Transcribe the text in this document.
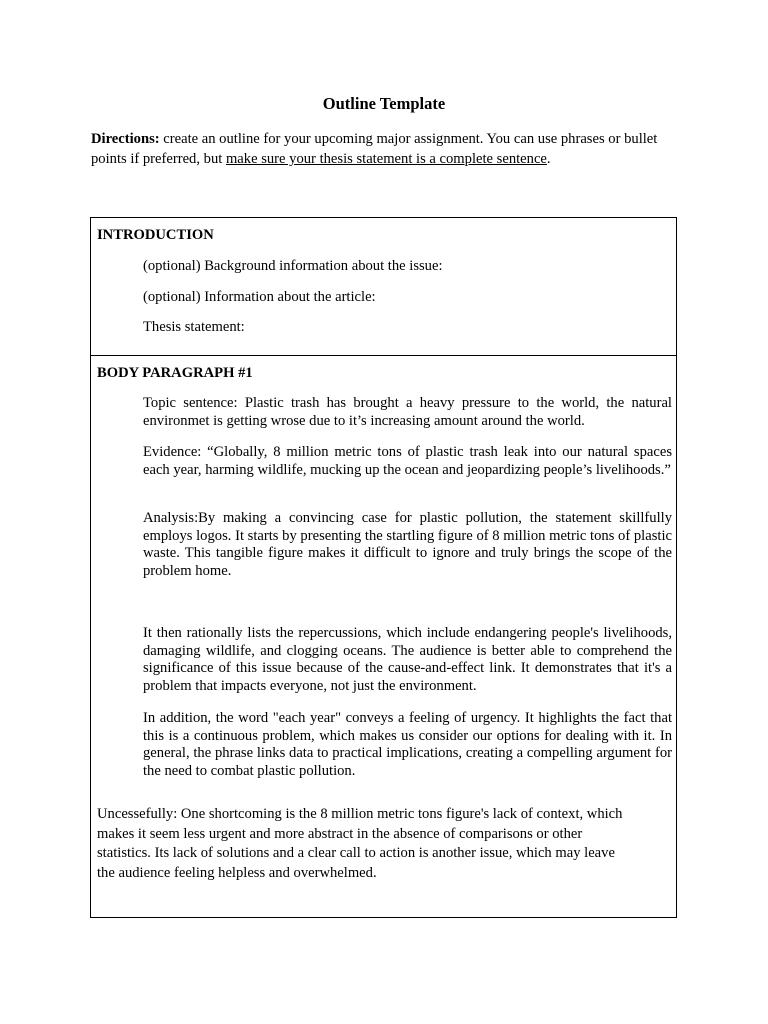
Outline Template
Directions: create an outline for your upcoming major assignment. You can use phrases or bullet points if preferred, but make sure your thesis statement is a complete sentence.
INTRODUCTION
(optional) Background information about the issue:
(optional) Information about the article:
Thesis statement:
BODY PARAGRAPH #1
Topic sentence: Plastic trash has brought a heavy pressure to the world, the natural environmet is getting wrose due to it’s increasing amount around the world.
Evidence: “Globally, 8 million metric tons of plastic trash leak into our natural spaces each year, harming wildlife, mucking up the ocean and jeopardizing people’s livelihoods.”
Analysis:By making a convincing case for plastic pollution, the statement skillfully employs logos. It starts by presenting the startling figure of 8 million metric tons of plastic waste. This tangible figure makes it difficult to ignore and truly brings the scope of the problem home.
It then rationally lists the repercussions, which include endangering people's livelihoods, damaging wildlife, and clogging oceans. The audience is better able to comprehend the significance of this issue because of the cause-and-effect link. It demonstrates that it's a problem that impacts everyone, not just the environment.
In addition, the word "each year" conveys a feeling of urgency. It highlights the fact that this is a continuous problem, which makes us consider our options for dealing with it. In general, the phrase links data to practical implications, creating a compelling argument for the need to combat plastic pollution.
Uncessefully: One shortcoming is the 8 million metric tons figure's lack of context, which
makes it seem less urgent and more abstract in the absence of comparisons or other
statistics. Its lack of solutions and a clear call to action is another issue, which may leave
the audience feeling helpless and overwhelmed.
